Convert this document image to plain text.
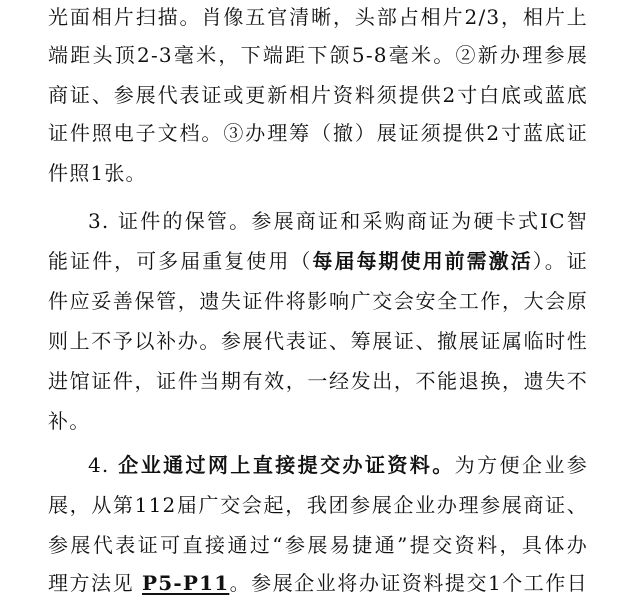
光面相片扫描。肖像五官清晰，头部占相片2/3，相片上
端距头顶2-3毫米，下端距下颌5-8毫米。②新办理参展
商证、参展代表证或更新相片资料须提供2寸白底或蓝底
证件照电子文档。③办理筹（撤）展证须提供2寸蓝底证
件照1张。
3. 证件的保管。参展商证和采购商证为硬卡式IC智
能证件，可多届重复使用（每届每期使用前需激活）。证
件应妥善保管，遗失证件将影响广交会安全工作，大会原
则上不予以补办。参展代表证、筹展证、撤展证属临时性
进馆证件，证件当期有效，一经发出，不能退换，遗失不
补。
4. 企业通过网上直接提交办证资料。为方便企业参
展，从第112届广交会起，我团参展企业办理参展商证、
参展代表证可直接通过“参展易捷通”提交资料，具体办
理方法见 P5-P11。参展企业将办证资料提交1个工作日
